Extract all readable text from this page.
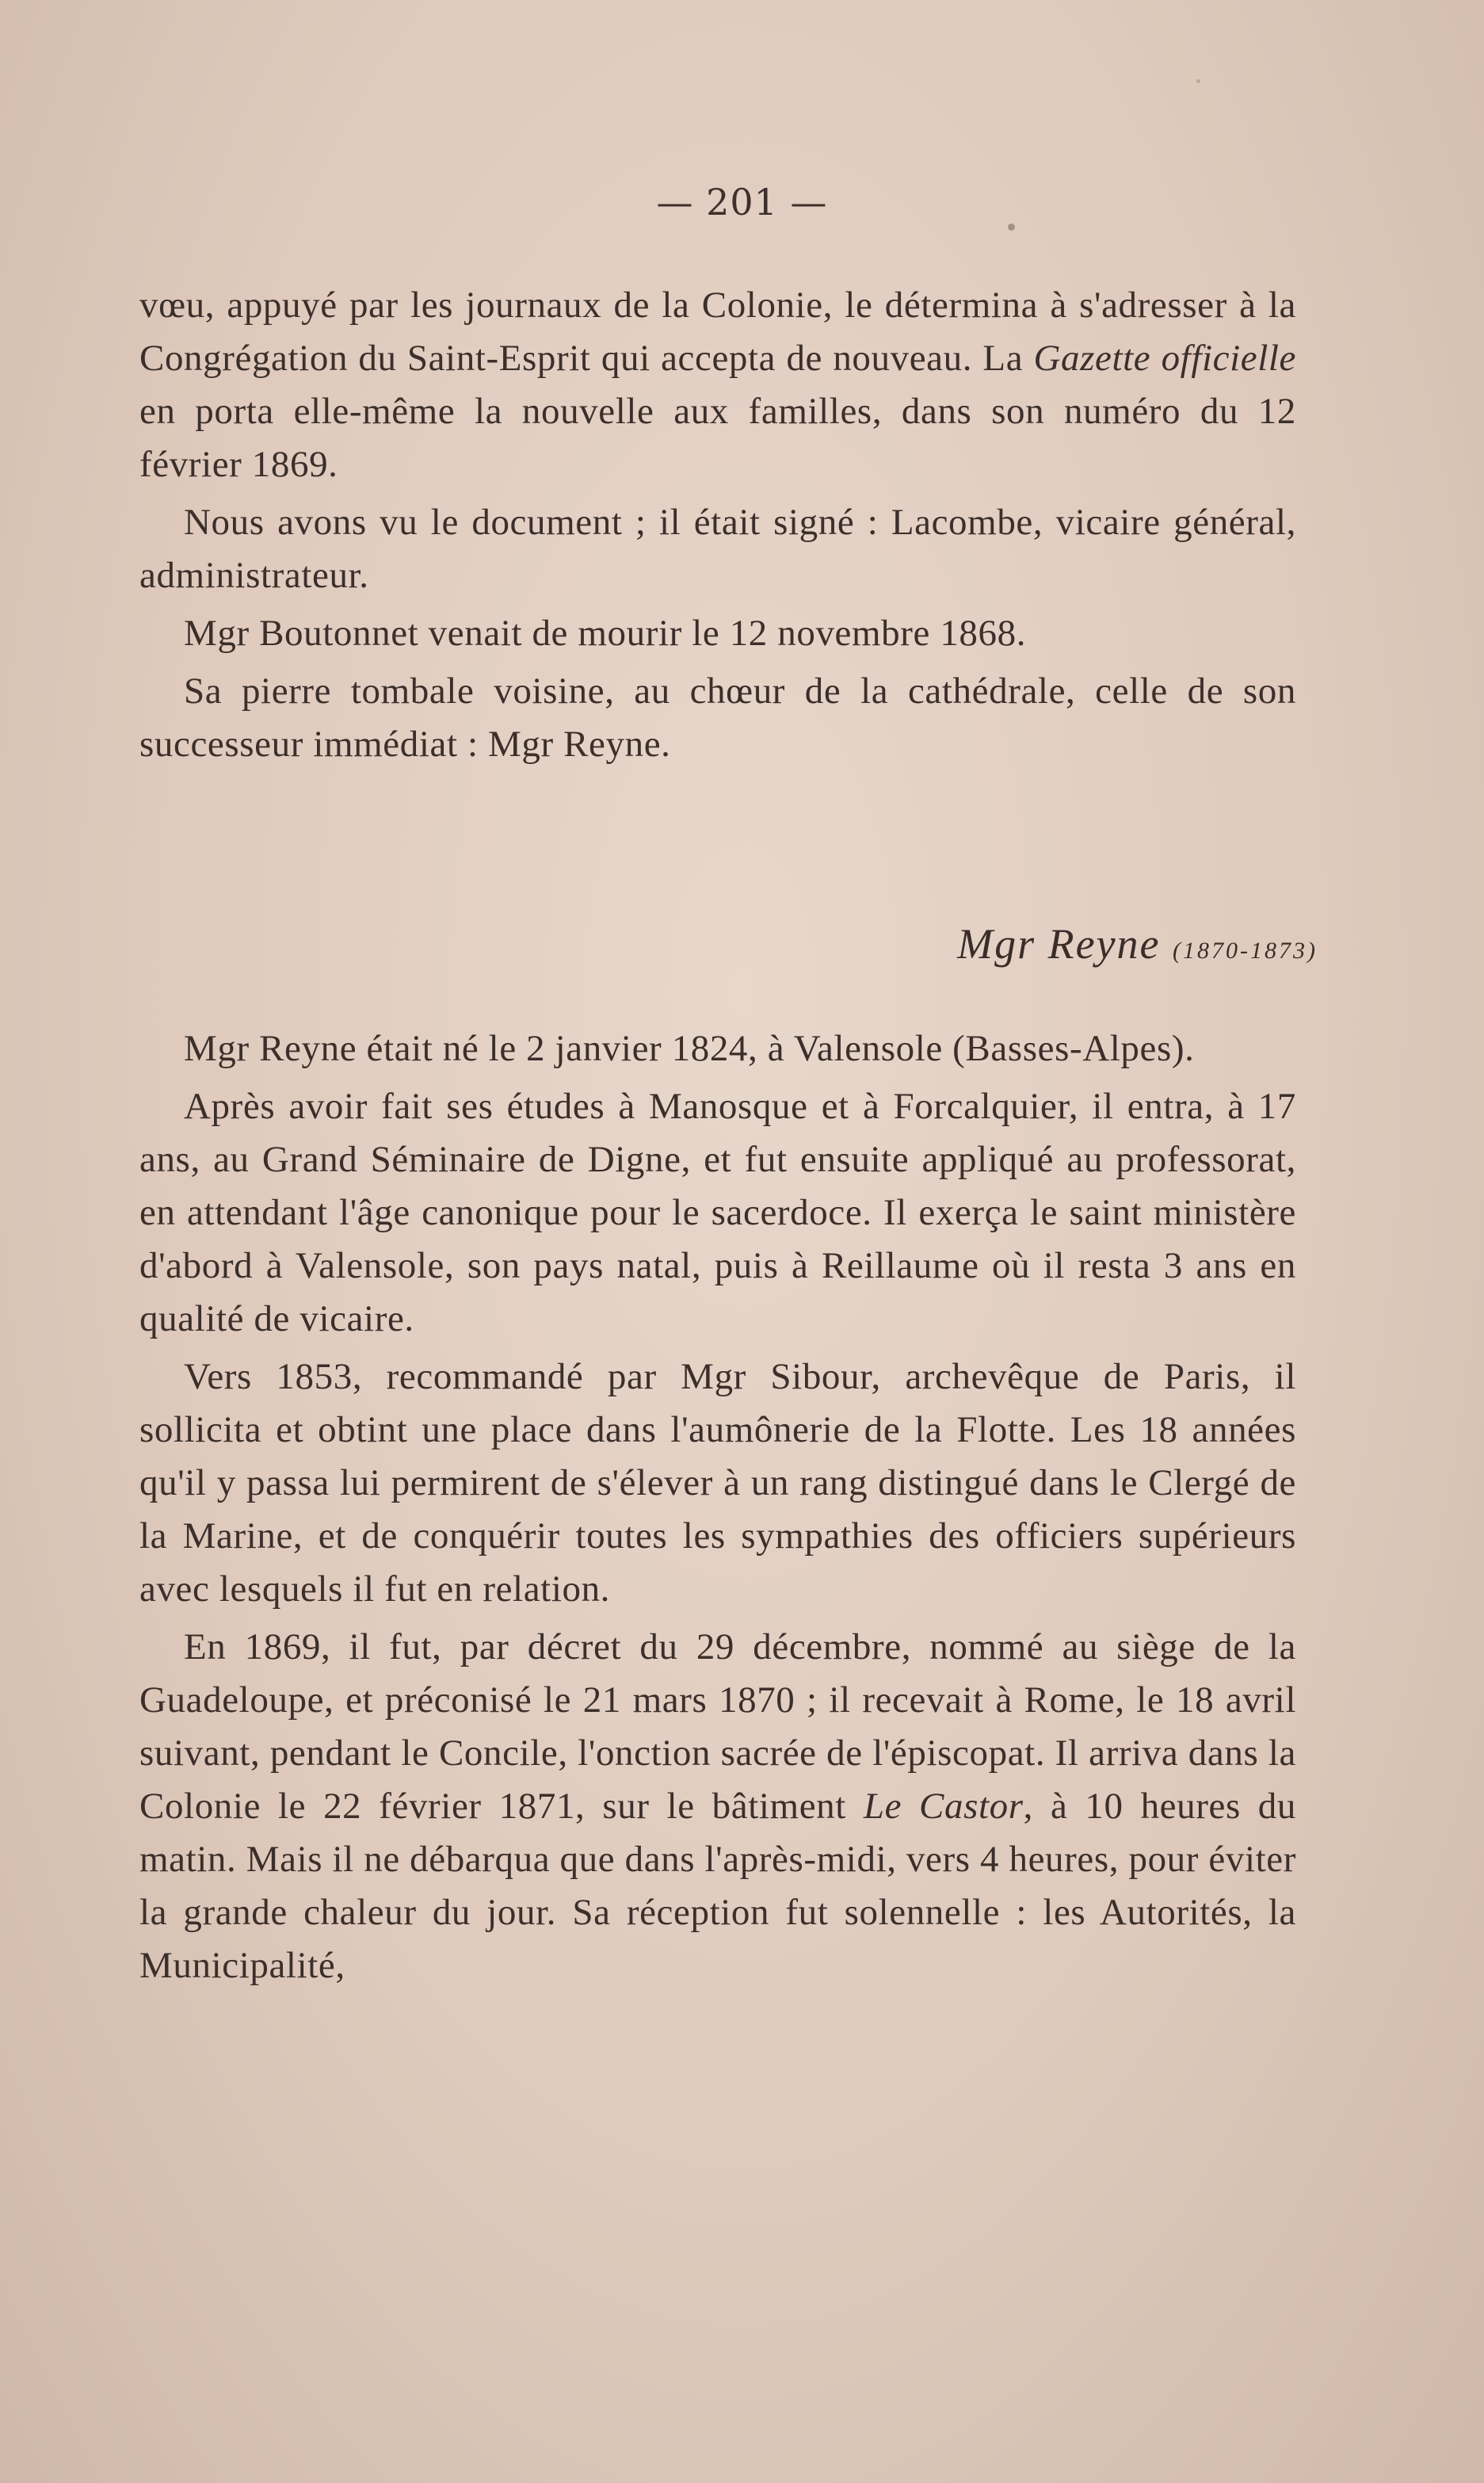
— 201 —

vœu, appuyé par les journaux de la Colonie, le détermina à s'adresser à la Congrégation du Saint-Esprit qui accepta de nouveau. La Gazette officielle en porta elle-même la nouvelle aux familles, dans son numéro du 12 février 1869.

Nous avons vu le document ; il était signé : Lacombe, vicaire général, administrateur.

Mgr Boutonnet venait de mourir le 12 novembre 1868.

Sa pierre tombale voisine, au chœur de la cathédrale, celle de son successeur immédiat : Mgr Reyne.

Mgr Reyne (1870-1873)

Mgr Reyne était né le 2 janvier 1824, à Valensole (Basses-Alpes).

Après avoir fait ses études à Manosque et à Forcalquier, il entra, à 17 ans, au Grand Séminaire de Digne, et fut ensuite appliqué au professorat, en attendant l'âge canonique pour le sacerdoce. Il exerça le saint ministère d'abord à Valensole, son pays natal, puis à Reillaume où il resta 3 ans en qualité de vicaire.

Vers 1853, recommandé par Mgr Sibour, archevêque de Paris, il sollicita et obtint une place dans l'aumônerie de la Flotte. Les 18 années qu'il y passa lui permirent de s'élever à un rang distingué dans le Clergé de la Marine, et de conquérir toutes les sympathies des officiers supérieurs avec lesquels il fut en relation.

En 1869, il fut, par décret du 29 décembre, nommé au siège de la Guadeloupe, et préconisé le 21 mars 1870 ; il recevait à Rome, le 18 avril suivant, pendant le Concile, l'onction sacrée de l'épiscopat. Il arriva dans la Colonie le 22 février 1871, sur le bâtiment Le Castor, à 10 heures du matin. Mais il ne débarqua que dans l'après-midi, vers 4 heures, pour éviter la grande chaleur du jour. Sa réception fut solennelle : les Autorités, la Municipalité,
